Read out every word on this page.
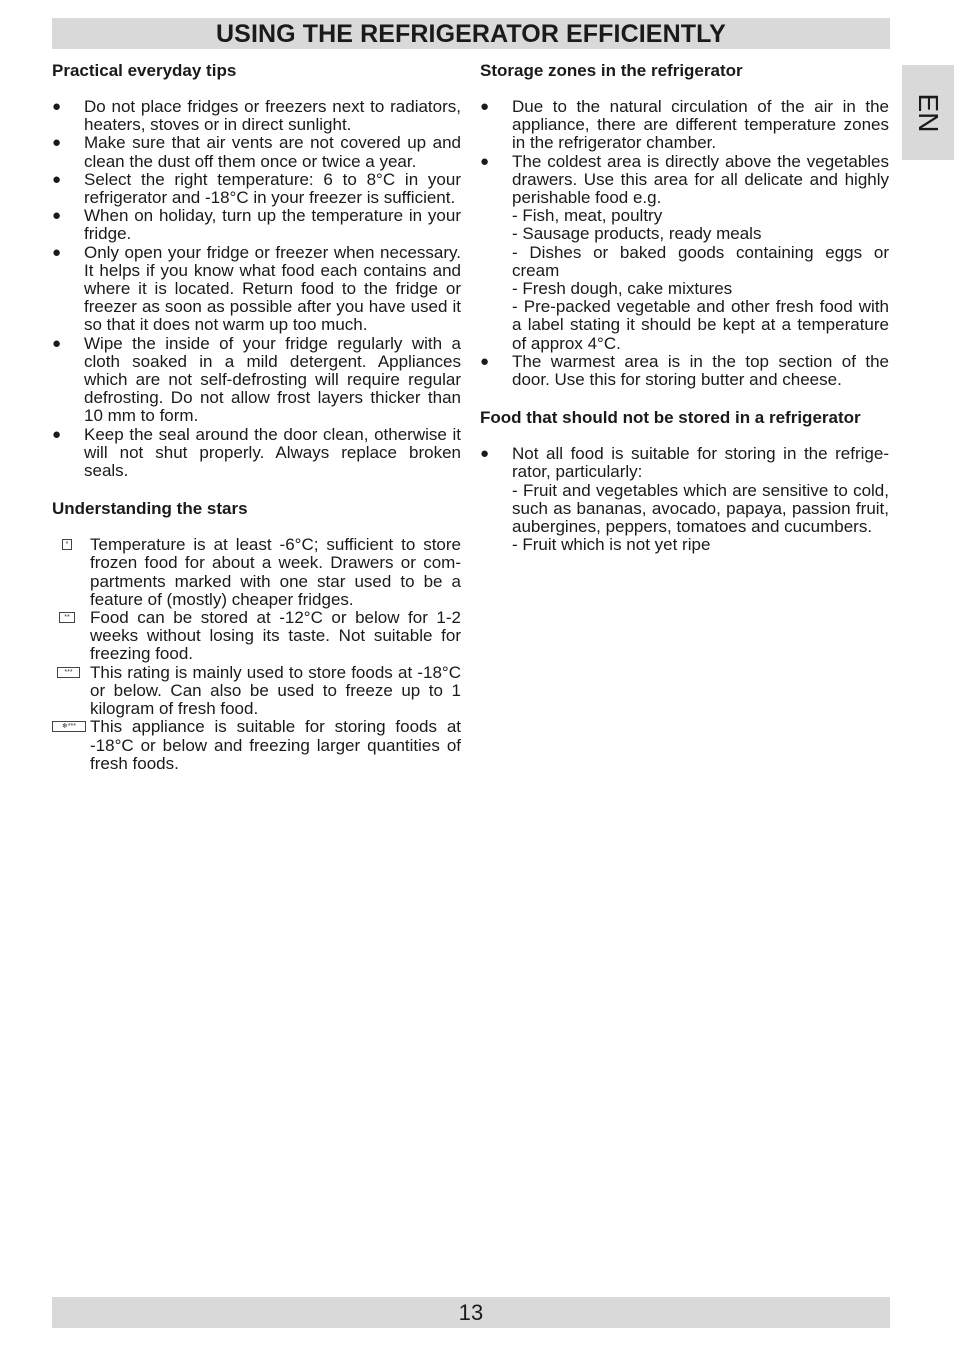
USING THE REFRIGERATOR EFFICIENTLY
EN
Practical everyday tips
● Do not place fridges or freezers next to radiators, heaters, stoves or in direct sunlight.
● Make sure that air vents are not covered up and clean the dust off them once or twice a year.
● Select the right temperature: 6 to 8°C in your refrigerator and -18°C in your freezer is sufficient.
● When on holiday, turn up the temperature in your fridge.
● Only open your fridge or freezer when necessary. It helps if you know what food each contains and where it is located. Return food to the fridge or freezer as soon as possible after you have used it so that it does not warm up too much.
● Wipe the inside of your fridge regularly with a cloth soaked in a mild detergent. Appliances which are not self-defrosting will require regular defrosting. Do not allow frost layers thicker than 10 mm to form.
● Keep the seal around the door clean, otherwise it will not shut properly. Always replace broken seals.
Understanding the stars
* Temperature is at least -6°C; sufficient to store frozen food for about a week. Drawers or compartments marked with one star used to be a feature of (mostly) cheaper fridges.
**	Food can be stored at -12°C or below for 1-2 weeks without losing its taste. Not suitable for freezing food.
***	This rating is mainly used to store foods at -18°C or below. Can also be used to freeze up to 1 kilogram of fresh food.
❄*** This appliance is suitable for storing foods at -18°C or below and freezing larger quantities of fresh foods.
Storage zones in the refrigerator
● Due to the natural circulation of the air in the appliance, there are different temperature zones in the refrigerator chamber.
● The coldest area is directly above the vegetables drawers. Use this area for all delicate and highly perishable food e.g.
- Fish, meat, poultry
- Sausage products, ready meals
- Dishes or baked goods containing eggs or cream
- Fresh dough, cake mixtures
- Pre-packed vegetable and other fresh food with a label stating it should be kept at a temperature of approx 4°C.
● The warmest area is in the top section of the door. Use this for storing butter and cheese.
Food that should not be stored in a refrigerator
● Not all food is suitable for storing in the refrigerator, particularly:
- Fruit and vegetables which are sensitive to cold, such as bananas, avocado, papaya, passion fruit, aubergines, peppers, tomatoes and cucumbers.
- Fruit which is not yet ripe
13
